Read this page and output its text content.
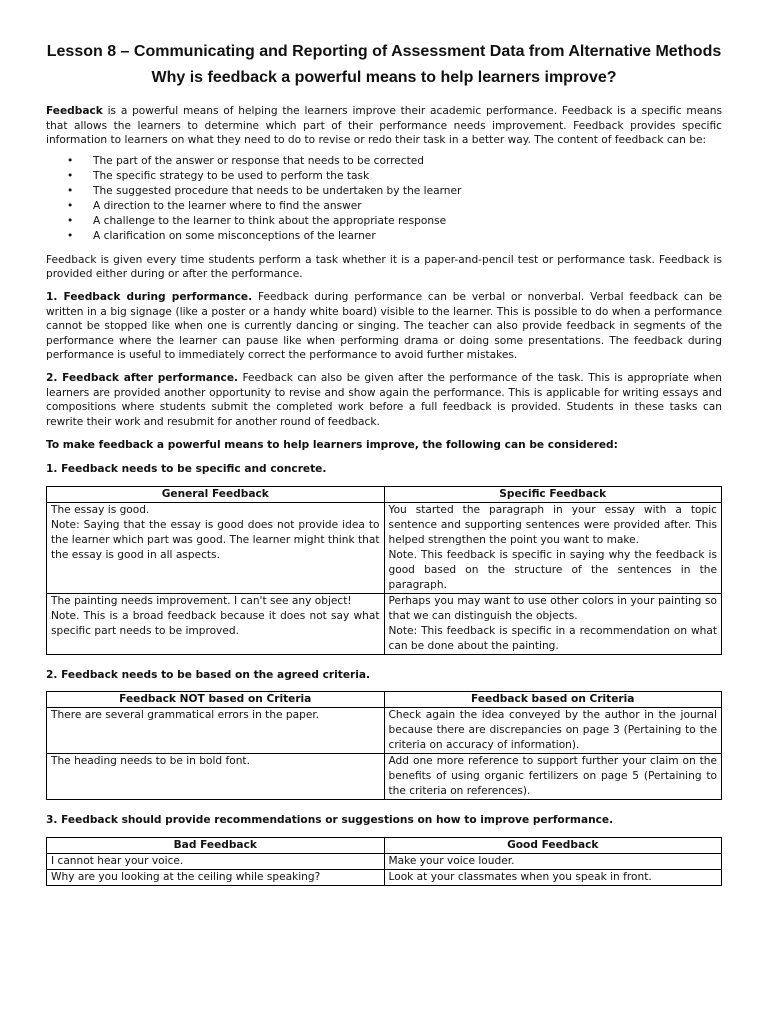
Lesson 8 – Communicating and Reporting of Assessment Data from Alternative Methods
Why is feedback a powerful means to help learners improve?

Feedback is a powerful means of helping the learners improve their academic performance. Feedback is a specific means that allows the learners to determine which part of their performance needs improvement. Feedback provides specific information to learners on what they need to do to revise or redo their task in a better way. The content of feedback can be:

• The part of the answer or response that needs to be corrected
• The specific strategy to be used to perform the task
• The suggested procedure that needs to be undertaken by the learner
• A direction to the learner where to find the answer
• A challenge to the learner to think about the appropriate response
• A clarification on some misconceptions of the learner

Feedback is given every time students perform a task whether it is a paper-and-pencil test or performance task. Feedback is provided either during or after the performance.

1. Feedback during performance. Feedback during performance can be verbal or nonverbal. Verbal feedback can be written in a big signage (like a poster or a handy white board) visible to the learner. This is possible to do when a performance cannot be stopped like when one is currently dancing or singing. The teacher can also provide feedback in segments of the performance where the learner can pause like when performing drama or doing some presentations. The feedback during performance is useful to immediately correct the performance to avoid further mistakes.

2. Feedback after performance. Feedback can also be given after the performance of the task. This is appropriate when learners are provided another opportunity to revise and show again the performance. This is applicable for writing essays and compositions where students submit the completed work before a full feedback is provided. Students in these tasks can rewrite their work and resubmit for another round of feedback.

To make feedback a powerful means to help learners improve, the following can be considered:
1. Feedback needs to be specific and concrete.
General Feedback	Specific Feedback

The essay is good.
Note: Saying that the essay is good does not provide idea to the learner which part was good. The learner might think that the essay is good in all aspects.	You started the paragraph in your essay with a topic sentence and supporting sentences were provided after. This helped strengthen the point you want to make.
Note. This feedback is specific in saying why the feedback is good based on the structure of the sentences in the paragraph.

The painting needs improvement. I can't see any object!
Note. This is a broad feedback because it does not say what specific part needs to be improved.	Perhaps you may want to use other colors in your painting so that we can distinguish the objects.
Note: This feedback is specific in a recommendation on what can be done about the painting.
2. Feedback needs to be based on the agreed criteria.
Feedback NOT based on Criteria	Feedback based on Criteria
There are several grammatical errors in the paper.	Check again the idea conveyed by the author in the journal because there are discrepancies on page 3 (Pertaining to the criteria on accuracy of information).
The heading needs to be in bold font.	Add one more reference to support further your claim on the benefits of using organic fertilizers on page 5 (Pertaining to the criteria on references).
3. Feedback should provide recommendations or suggestions on how to improve performance.
Bad Feedback	Good Feedback
I cannot hear your voice.	Make your voice louder.
Why are you looking at the ceiling while speaking?	Look at your classmates when you speak in front.
